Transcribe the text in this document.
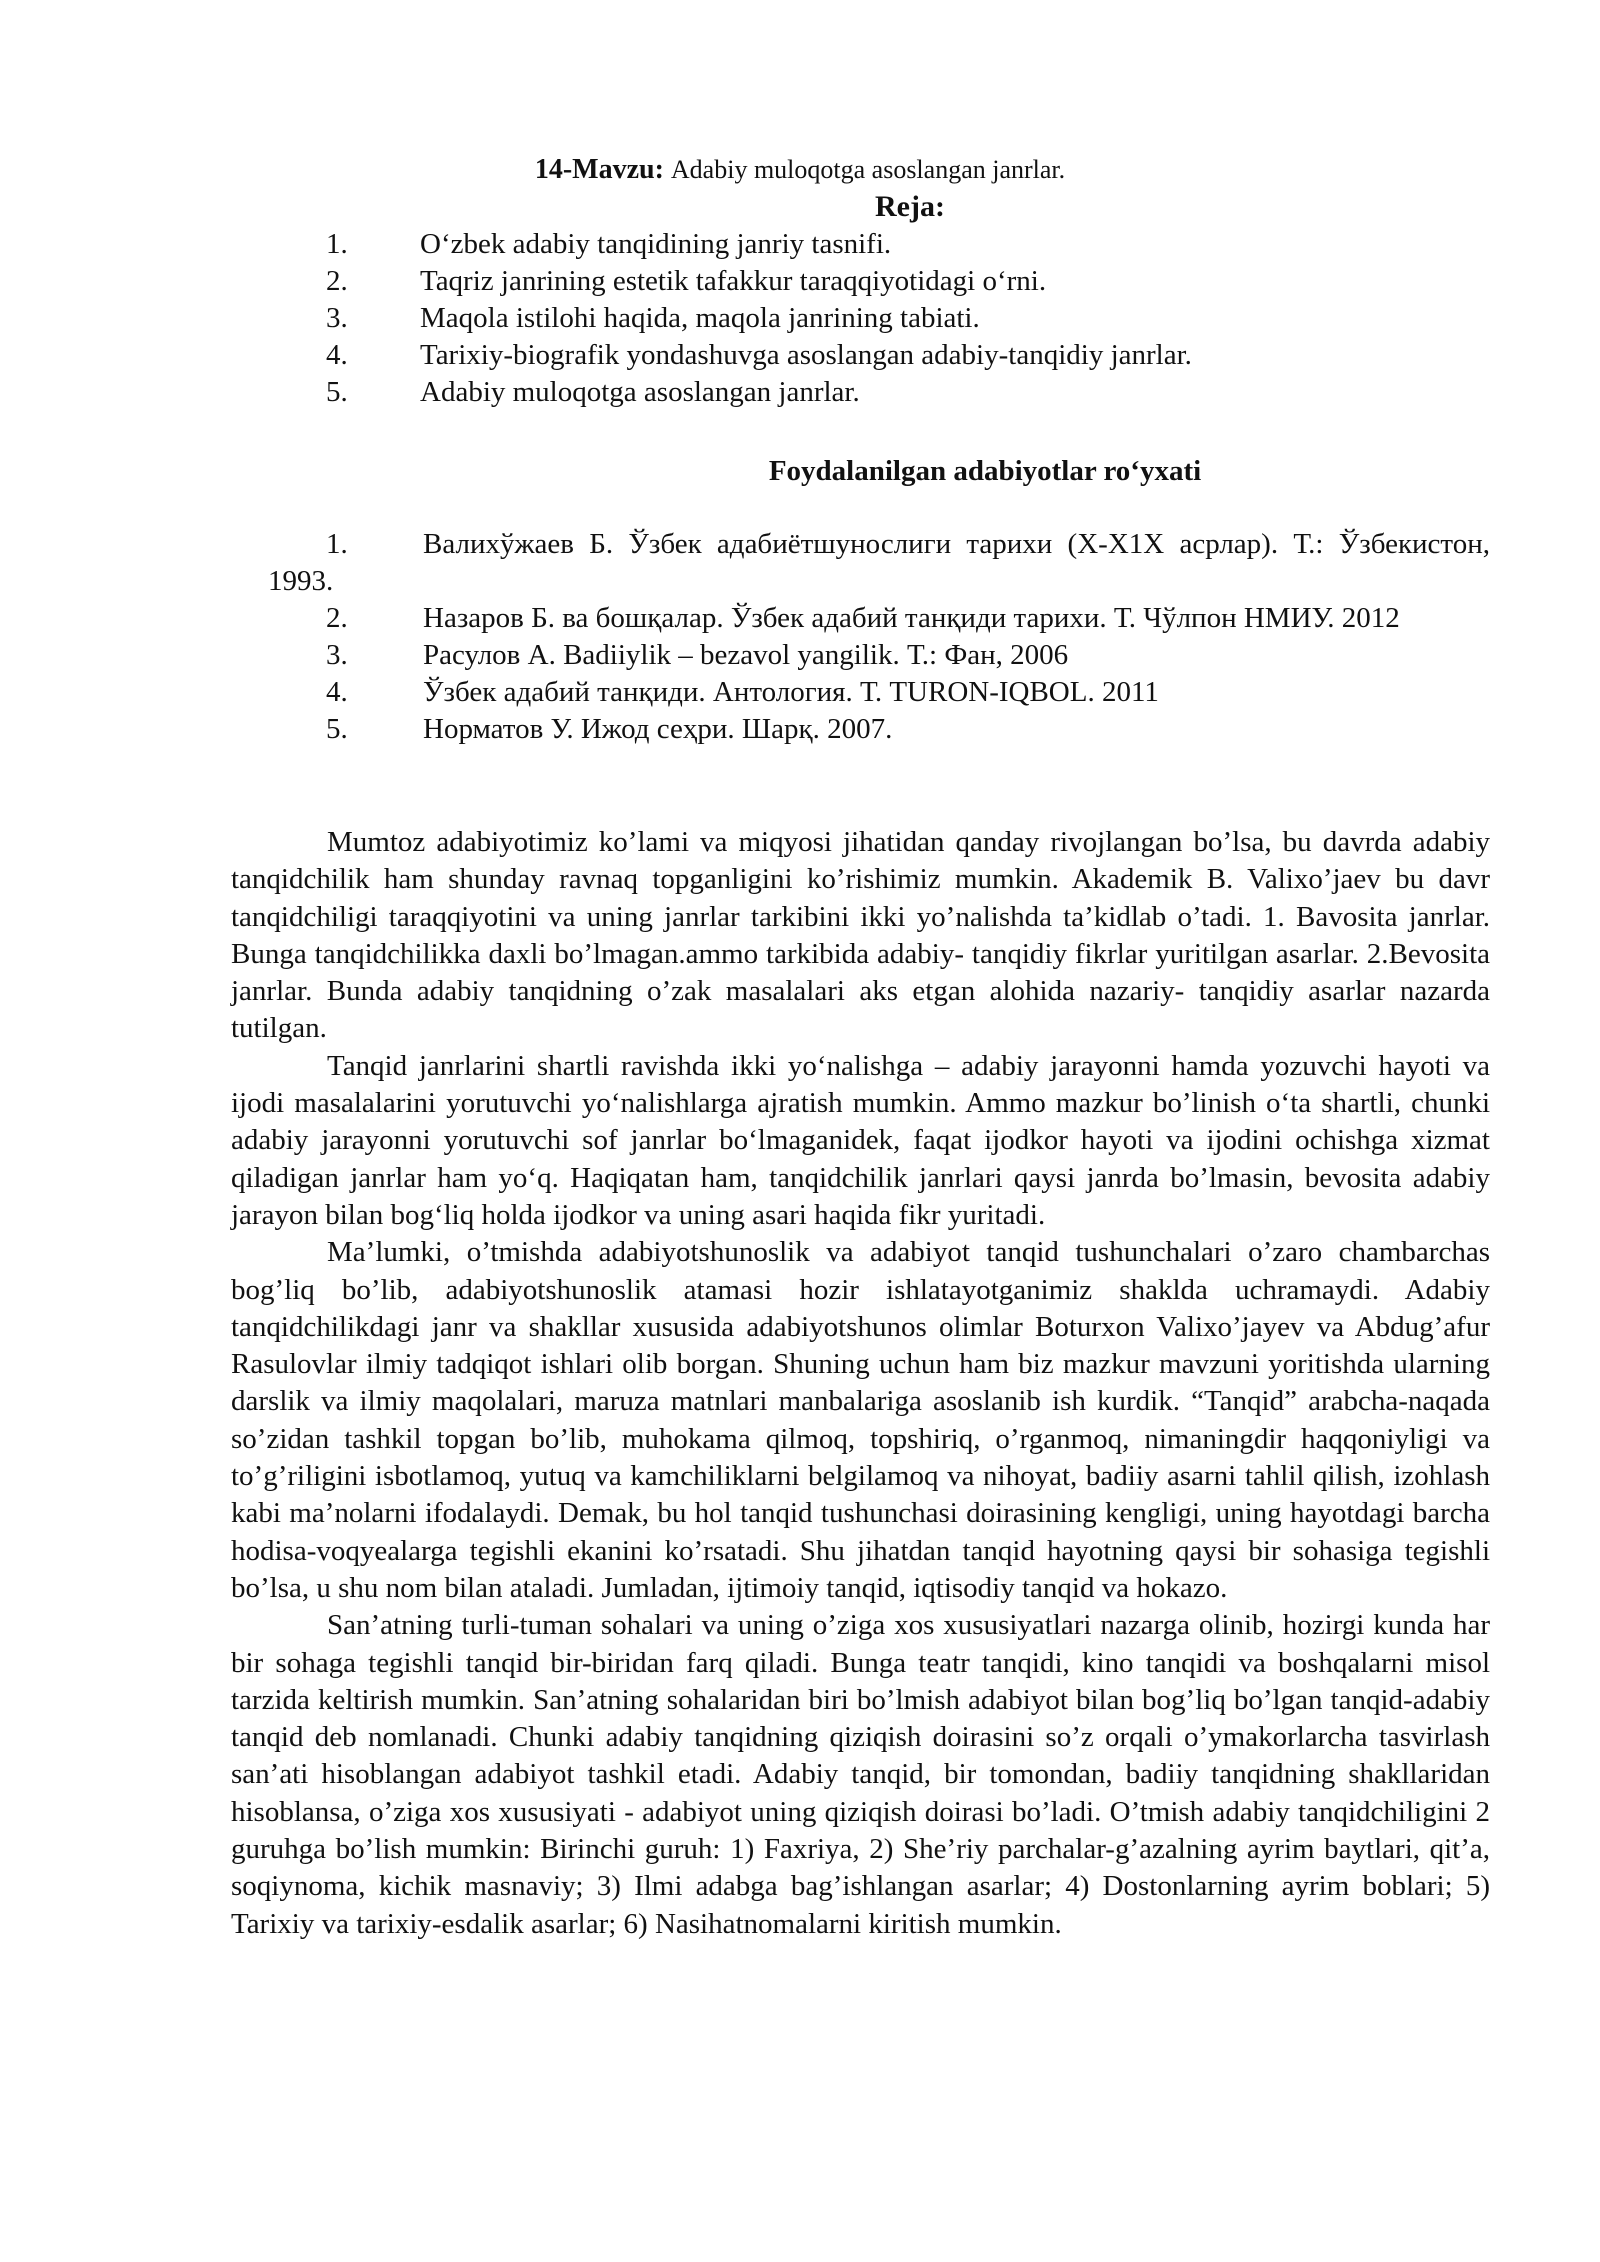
14-Mavzu: Adabiy muloqotga asoslangan janrlar.
Reja:
1. O‘zbek adabiy tanqidining janriy tasnifi.
2. Taqriz janrining estetik tafakkur taraqqiyotidagi o‘rni.
3. Maqola istilohi haqida, maqola janrining tabiati.
4. Tarixiy-biografik yondashuvga asoslangan adabiy-tanqidiy janrlar.
5. Adabiy muloqotga asoslangan janrlar.
Foydalanilgan adabiyotlar ro‘yxati
1.	Валихўжаев Б. Ўзбек адабиётшунослиги тарихи (X-X1X асрлар). Т.: Ўзбекистон, 1993.
2.	Назаров Б. ва бошқалар. Ўзбек адабий танқиди тарихи. Т. Чўлпон НМИУ. 2012
3.	Расулов А. Badiiylik – bezavol yangilik. Т.: Фан, 2006
4.	Ўзбек адабий танқиди. Антология. Т. TURON-IQBOL. 2011
5.	Норматов У. Ижод сеҳри. Шарқ. 2007.

Mumtoz adabiyotimiz ko’lami va miqyosi jihatidan qanday rivojlangan bo’lsa, bu davrda adabiy tanqidchilik ham shunday ravnaq topganligini ko’rishimiz mumkin. Akademik B. Valixo’jaev bu davr tanqidchiligi taraqqiyotini va uning janrlar tarkibini ikki yo’nalishda ta’kidlab o’tadi. 1. Bavosita janrlar. Bunga tanqidchilikka daxli bo’lmagan.ammo tarkibida adabiy- tanqidiy fikrlar yuritilgan asarlar. 2.Bevosita janrlar. Bunda adabiy tanqidning o’zak masalalari aks etgan alohida nazariy- tanqidiy asarlar nazarda tutilgan.

Tanqid janrlarini shartli ravishda ikki yo‘nalishga – adabiy jarayonni hamda yozuvchi hayoti va ijodi masalalarini yorutuvchi yo‘nalishlarga ajratish mumkin. Ammo mazkur bo’linish o‘ta shartli, chunki adabiy jarayonni yorutuvchi sof janrlar bo‘lmaganidek, faqat ijodkor hayoti va ijodini ochishga xizmat qiladigan janrlar ham yo‘q. Haqiqatan ham, tanqidchilik janrlari qaysi janrda bo’lmasin, bevosita adabiy jarayon bilan bog‘liq holda ijodkor va uning asari haqida fikr yuritadi.

Ma’lumki, o’tmishda adabiyotshunoslik va adabiyot tanqid tushunchalari o’zaro chambarchas bog’liq bo’lib, adabiyotshunoslik atamasi hozir ishlatayotganimiz shaklda uchramaydi. Adabiy tanqidchilikdagi janr va shakllar xususida adabiyotshunos olimlar Boturxon Valixo’jayev va Abdug’afur Rasulovlar ilmiy tadqiqot ishlari olib borgan. Shuning uchun ham biz mazkur mavzuni yoritishda ularning darslik va ilmiy maqolalari, maruza matnlari manbalariga asoslanib ish kurdik. “Tanqid” arabcha-naqada so’zidan tashkil topgan bo’lib, muhokama qilmoq, topshiriq, o’rganmoq, nimaningdir haqqoniyligi va to’g’riligini isbotlamoq, yutuq va kamchiliklarni belgilamoq va nihoyat, badiiy asarni tahlil qilish, izohlash kabi ma’nolarni ifodalaydi. Demak, bu hol tanqid tushunchasi doirasining kengligi, uning hayotdagi barcha hodisa-voqyealarga tegishli ekanini ko’rsatadi. Shu jihatdan tanqid hayotning qaysi bir sohasiga tegishli bo’lsa, u shu nom bilan ataladi. Jumladan, ijtimoiy tanqid, iqtisodiy tanqid va hokazo.

San’atning turli-tuman sohalari va uning o’ziga xos xususiyatlari nazarga olinib, hozirgi kunda har bir sohaga tegishli tanqid bir-biridan farq qiladi. Bunga teatr tanqidi, kino tanqidi va boshqalarni misol tarzida keltirish mumkin. San’atning sohalaridan biri bo’lmish adabiyot bilan bog’liq bo’lgan tanqid-adabiy tanqid deb nomlanadi. Chunki adabiy tanqidning qiziqish doirasini so’z orqali o’ymakorlarcha tasvirlash san’ati hisoblangan adabiyot tashkil etadi. Adabiy tanqid, bir tomondan, badiiy tanqidning shakllaridan hisoblansa, o’ziga xos xususiyati - adabiyot uning qiziqish doirasi bo’ladi. O’tmish adabiy tanqidchiligini 2 guruhga bo’lish mumkin: Birinchi guruh: 1) Faxriya, 2) She’riy parchalar-g’azalning ayrim baytlari, qit’a, soqiynoma, kichik masnaviy; 3) Ilmi adabga bag’ishlangan asarlar; 4) Dostonlarning ayrim boblari; 5) Tarixiy va tarixiy-esdalik asarlar; 6) Nasihatnomalarni kiritish mumkin.
